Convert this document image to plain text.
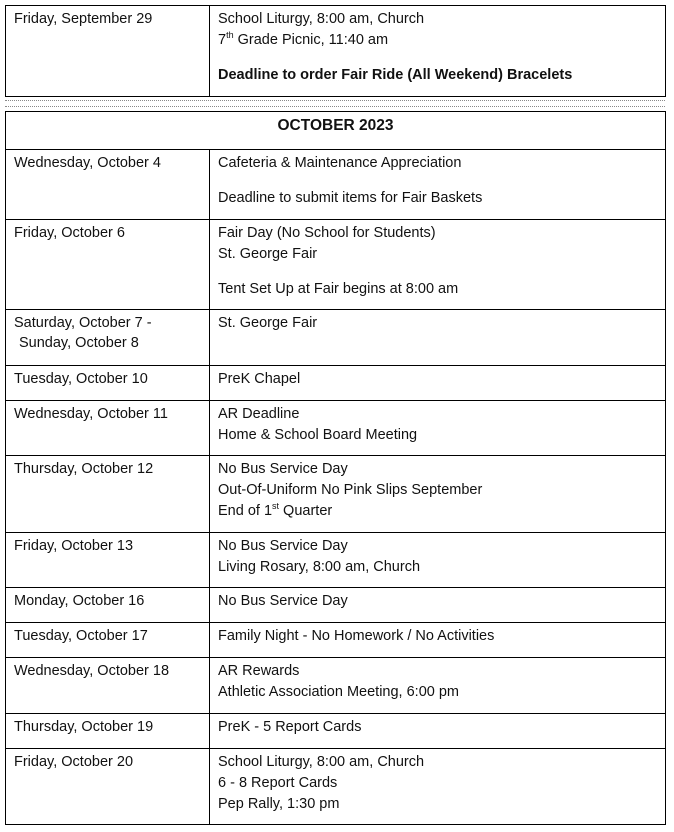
Friday, September 29	School Liturgy, 8:00 am, Church
7th Grade Picnic, 11:40 am
Deadline to order Fair Ride (All Weekend) Bracelets
OCTOBER 2023	
Wednesday, October 4	Cafeteria & Maintenance Appreciation
Deadline to submit items for Fair Baskets

Friday, October 6	Fair Day (No School for Students)
St. George Fair
Tent Set Up at Fair begins at 8:00 am

Saturday, October 7 -
Sunday, October 8	St. George Fair

Tuesday, October 10	PreK Chapel

Wednesday, October 11	AR Deadline
Home & School Board Meeting

Thursday, October 12	No Bus Service Day
Out-Of-Uniform No Pink Slips September
End of 1st Quarter

Friday, October 13	No Bus Service Day
Living Rosary, 8:00 am, Church

Monday, October 16	No Bus Service Day

Tuesday, October 17	Family Night - No Homework / No Activities

Wednesday, October 18	AR Rewards
Athletic Association Meeting, 6:00 pm

Thursday, October 19	PreK - 5 Report Cards

Friday, October 20	School Liturgy, 8:00 am, Church
6 - 8 Report Cards
Pep Rally, 1:30 pm
